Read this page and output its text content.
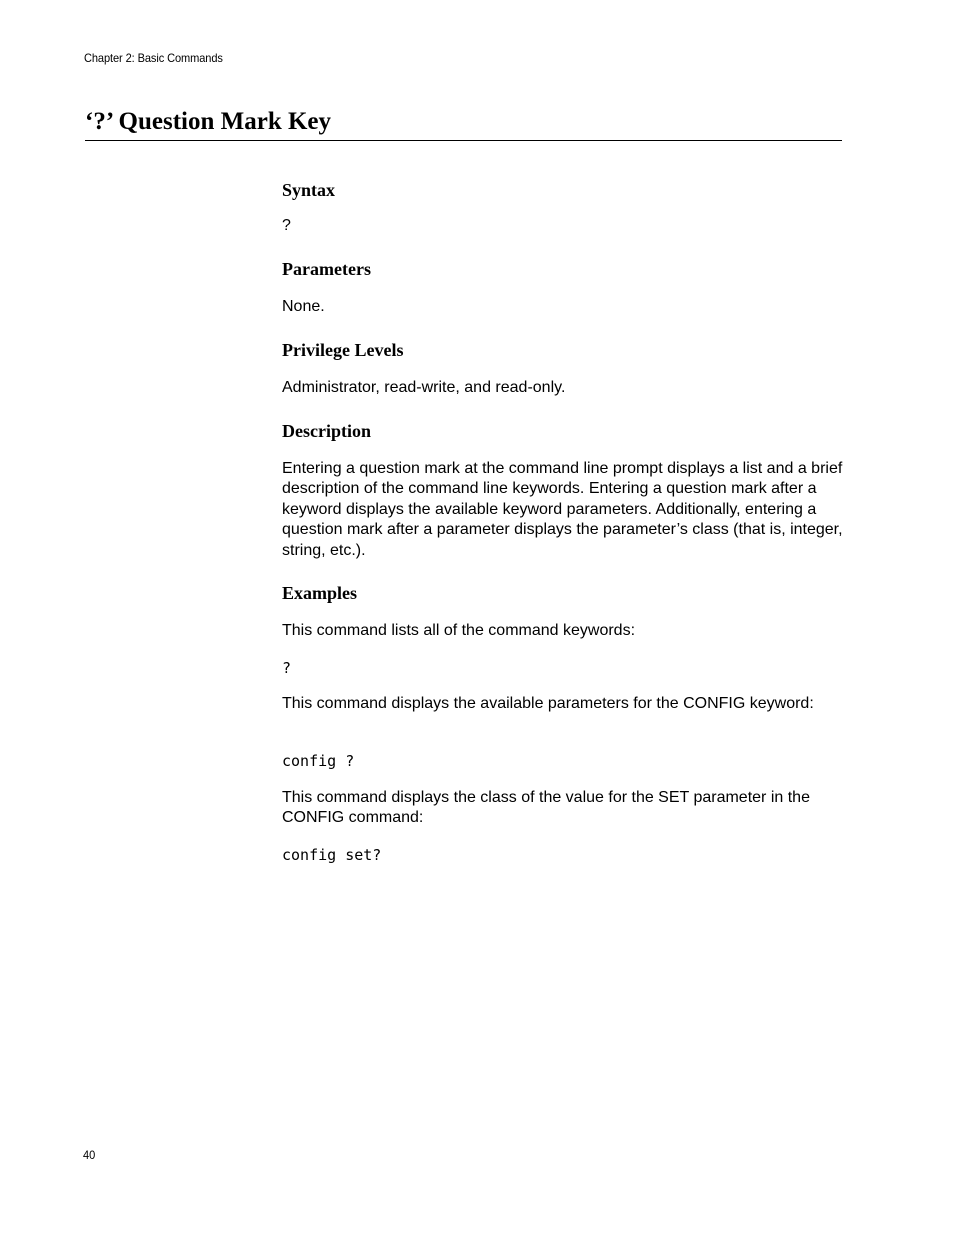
Chapter 2: Basic Commands
‘?’ Question Mark Key
Syntax

?

Parameters

None.

Privilege Levels

Administrator, read-write, and read-only.

Description

Entering a question mark at the command line prompt displays a list and a brief description of the command line keywords. Entering a question mark after a keyword displays the available keyword parameters. Additionally, entering a question mark after a parameter displays the parameter’s class (that is, integer, string, etc.).

Examples

This command lists all of the command keywords:

?

This command displays the available parameters for the CONFIG keyword:

config ?

This command displays the class of the value for the SET parameter in the CONFIG command:

config set?
40
